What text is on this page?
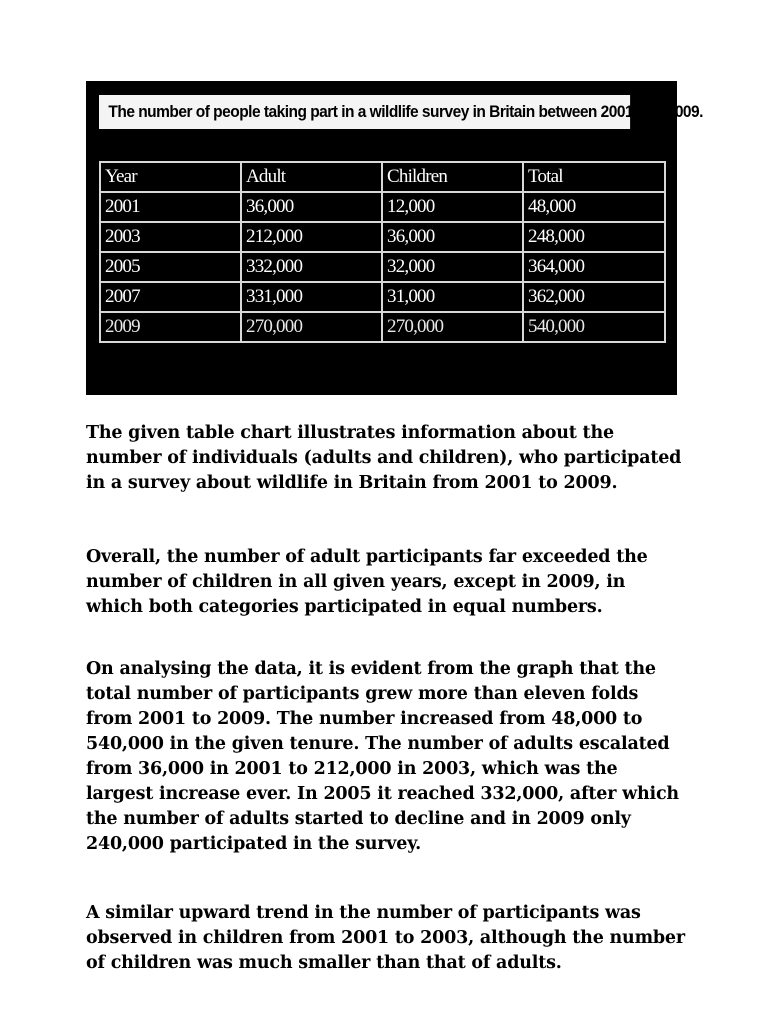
The number of people taking part in a wildlife survey in Britain between 2001 and 2009.
Year	Adult	Children	Total
2001	36,000	12,000	48,000
2003	212,000	36,000	248,000
2005	332,000	32,000	364,000
2007	331,000	31,000	362,000
2009	270,000	270,000	540,000

The given table chart illustrates information about the number of individuals (adults and children), who participated in a survey about wildlife in Britain from 2001 to 2009.

Overall, the number of adult participants far exceeded the number of children in all given years, except in 2009, in which both categories participated in equal numbers.

On analysing the data, it is evident from the graph that the total number of participants grew more than eleven folds from 2001 to 2009. The number increased from 48,000 to 540,000 in the given tenure. The number of adults escalated from 36,000 in 2001 to 212,000 in 2003, which was the largest increase ever. In 2005 it reached 332,000, after which the number of adults started to decline and in 2009 only 240,000 participated in the survey.

A similar upward trend in the number of participants was observed in children from 2001 to 2003, although the number of children was much smaller than that of adults.
